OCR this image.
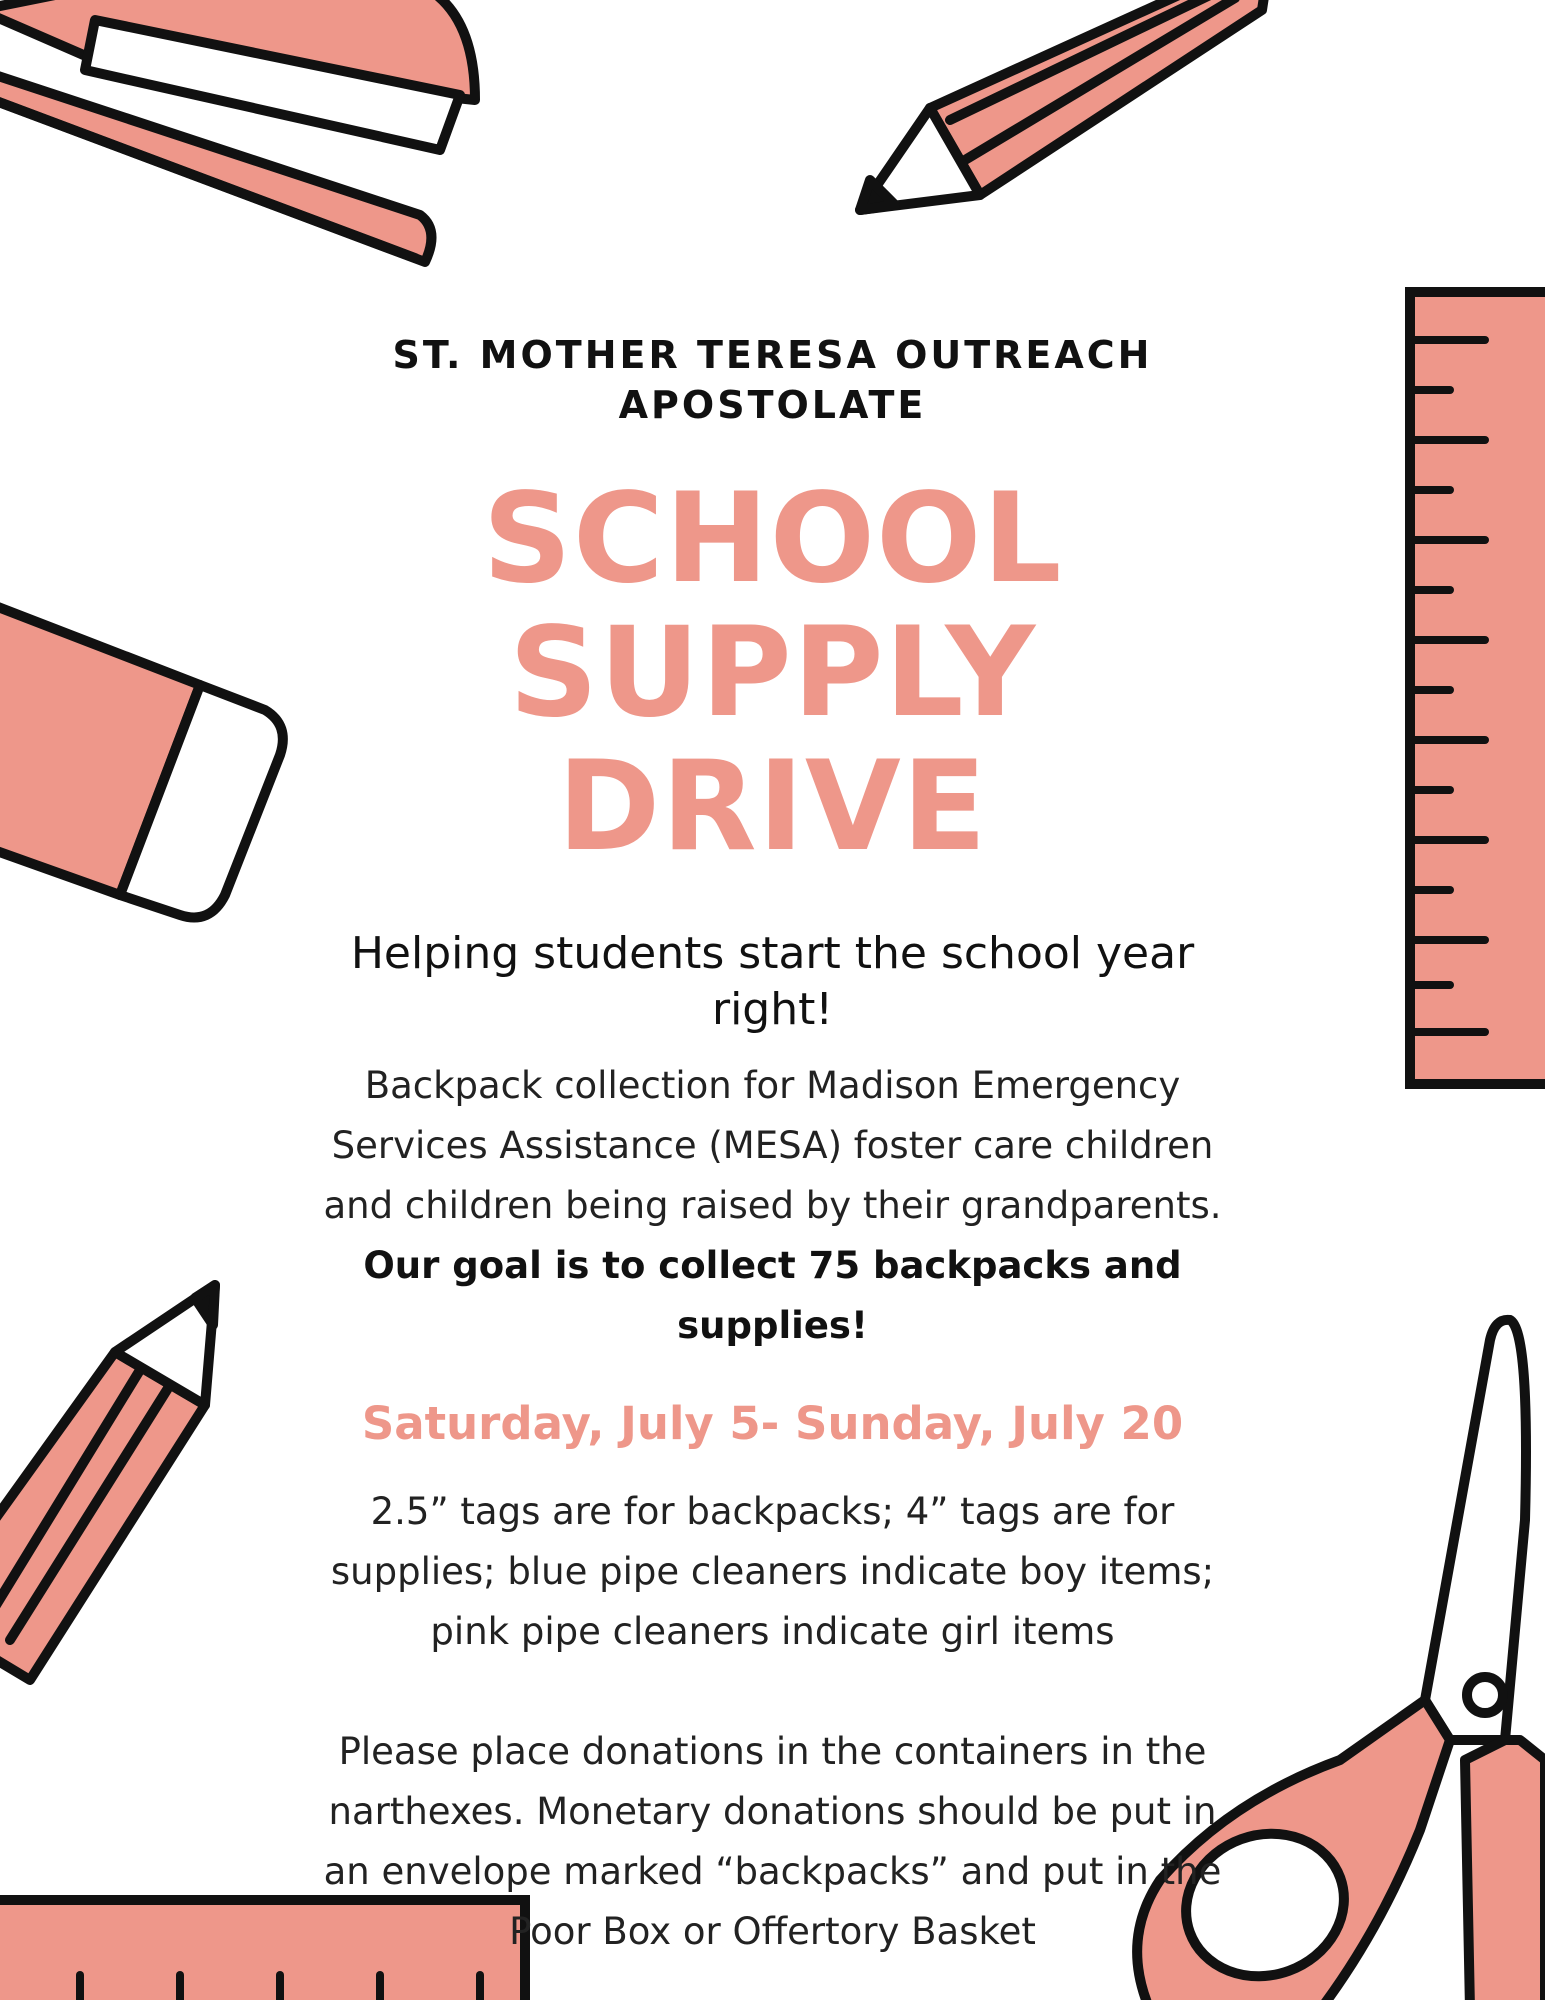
ST. MOTHER TERESA OUTREACH
APOSTOLATE

SCHOOL
SUPPLY DRIVE

Helping students start the school year right!

Backpack collection for Madison Emergency
Services Assistance (MESA) foster care children
and children being raised by their grandparents.

Our goal is to collect 75 backpacks and
supplies!

Saturday, July 5- Sunday, July 20

2.5” tags are for backpacks; 4” tags are for
supplies; blue pipe cleaners indicate boy items;
pink pipe cleaners indicate girl items

Please place donations in the containers in the
narthexes. Monetary donations should be put in
an envelope marked “backpacks” and put in the
Poor Box or Offertory Basket
